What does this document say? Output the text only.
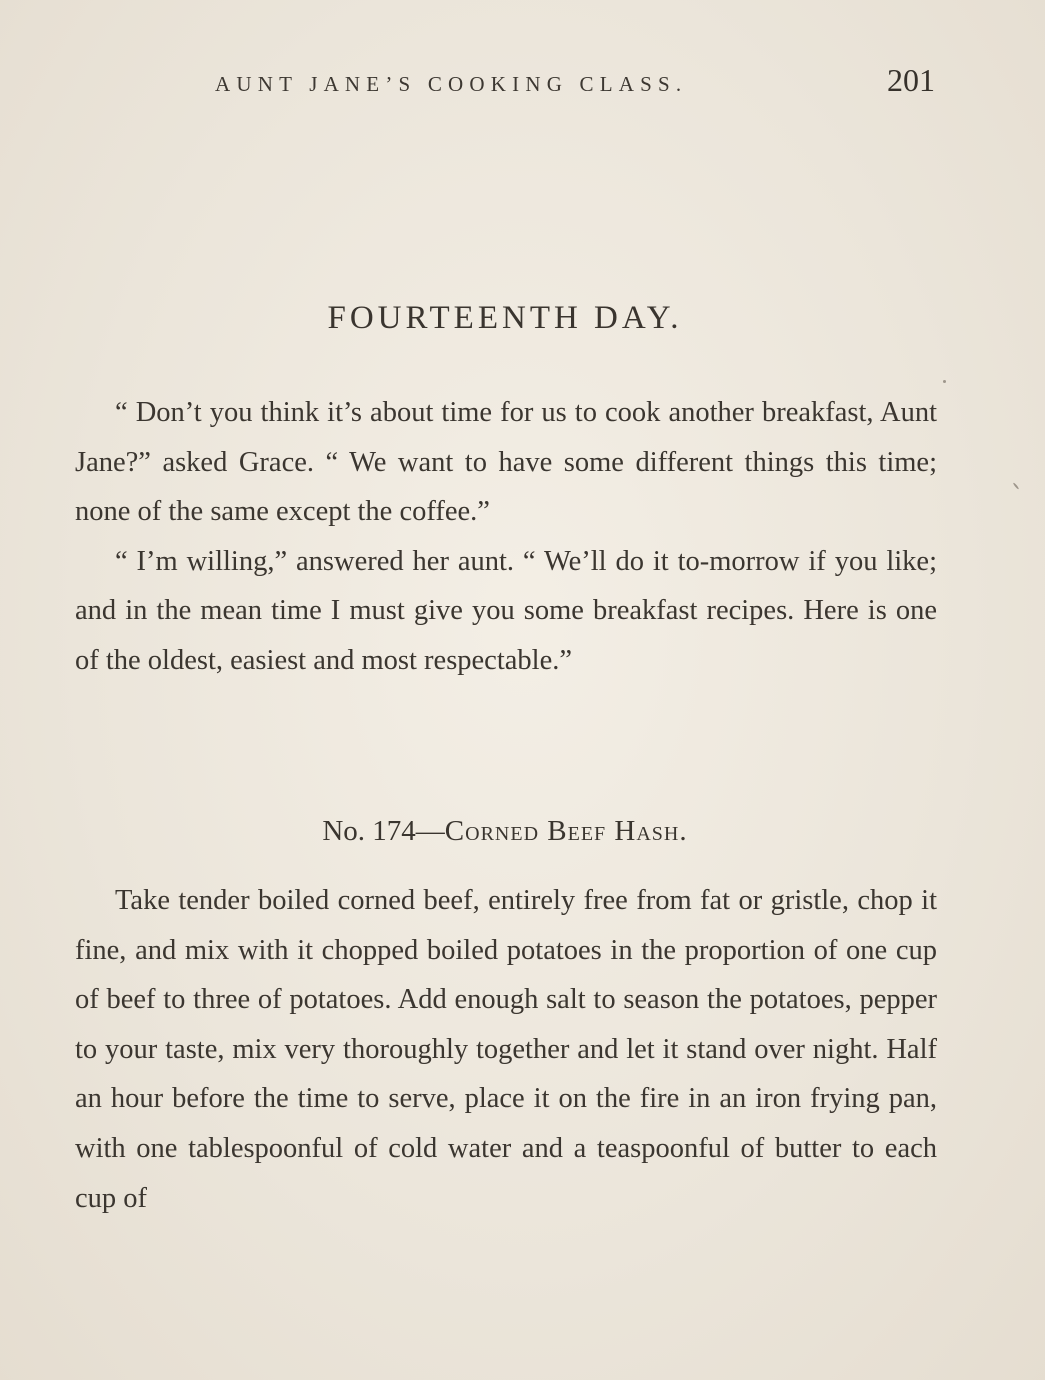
AUNT JANE’S COOKING CLASS.	201
FOURTEENTH DAY.

“ Don’t you think it’s about time for us to cook another breakfast, Aunt Jane?” asked Grace. “ We want to have some different things this time; none of the same except the coffee.”

“ I’m willing,” answered her aunt. “ We’ll do it to-morrow if you like; and in the mean time I must give you some breakfast recipes. Here is one of the oldest, easiest and most respectable.”

No. 174—Corned Beef Hash.

Take tender boiled corned beef, entirely free from fat or gristle, chop it fine, and mix with it chopped boiled potatoes in the proportion of one cup of beef to three of potatoes. Add enough salt to season the potatoes, pepper to your taste, mix very thoroughly together and let it stand over night. Half an hour before the time to serve, place it on the fire in an iron frying pan, with one tablespoonful of cold water and a teaspoonful of butter to each cup of
